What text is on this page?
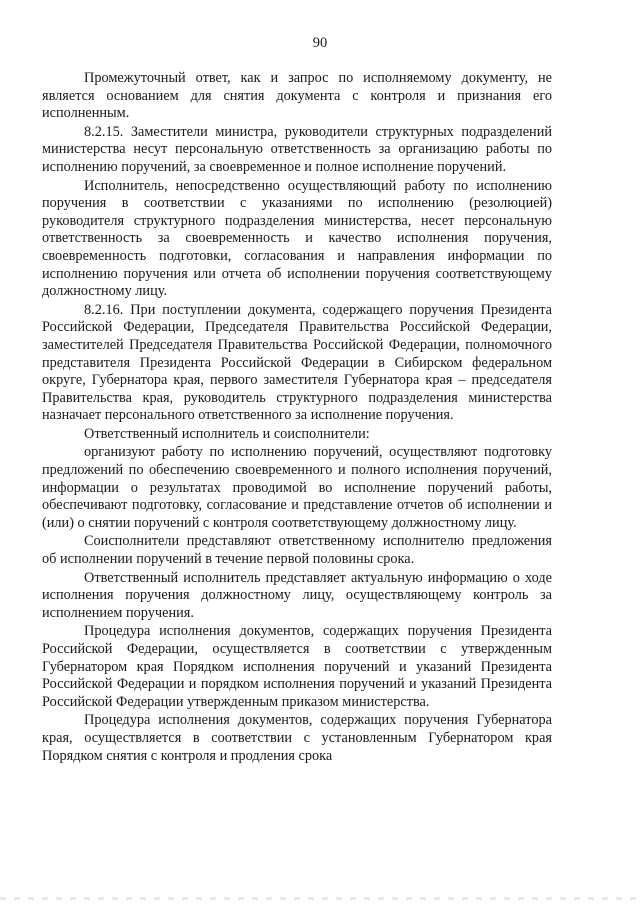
90

Промежуточный ответ, как и запрос по исполняемому документу, не является основанием для снятия документа с контроля и признания его исполненным.

8.2.15. Заместители министра, руководители структурных подразделений министерства несут персональную ответственность за организацию работы по исполнению поручений, за своевременное и полное исполнение поручений.

Исполнитель, непосредственно осуществляющий работу по исполнению поручения в соответствии с указаниями по исполнению (резолюцией) руководителя структурного подразделения министерства, несет персональную ответственность за своевременность и качество исполнения поручения, своевременность подготовки, согласования и направления информации по исполнению поручения или отчета об исполнении поручения соответствующему должностному лицу.

8.2.16. При поступлении документа, содержащего поручения Президента Российской Федерации, Председателя Правительства Российской Федерации, заместителей Председателя Правительства Российской Федерации, полномочного представителя Президента Российской Федерации в Сибирском федеральном округе, Губернатора края, первого заместителя Губернатора края – председателя Правительства края, руководитель структурного подразделения министерства назначает персонального ответственного за исполнение поручения.

Ответственный исполнитель и соисполнители:

организуют работу по исполнению поручений, осуществляют подготовку предложений по обеспечению своевременного и полного исполнения поручений, информации о результатах проводимой во исполнение поручений работы, обеспечивают подготовку, согласование и представление отчетов об исполнении и (или) о снятии поручений с контроля соответствующему должностному лицу.

Соисполнители представляют ответственному исполнителю предложения об исполнении поручений в течение первой половины срока.

Ответственный исполнитель представляет актуальную информацию о ходе исполнения поручения должностному лицу, осуществляющему контроль за исполнением поручения.

Процедура исполнения документов, содержащих поручения Президента Российской Федерации, осуществляется в соответствии с утвержденным Губернатором края Порядком исполнения поручений и указаний Президента Российской Федерации и порядком исполнения поручений и указаний Президента Российской Федерации утвержденным приказом министерства.

Процедура исполнения документов, содержащих поручения Губернатора края, осуществляется в соответствии с установленным Губернатором края Порядком снятия с контроля и продления срока
